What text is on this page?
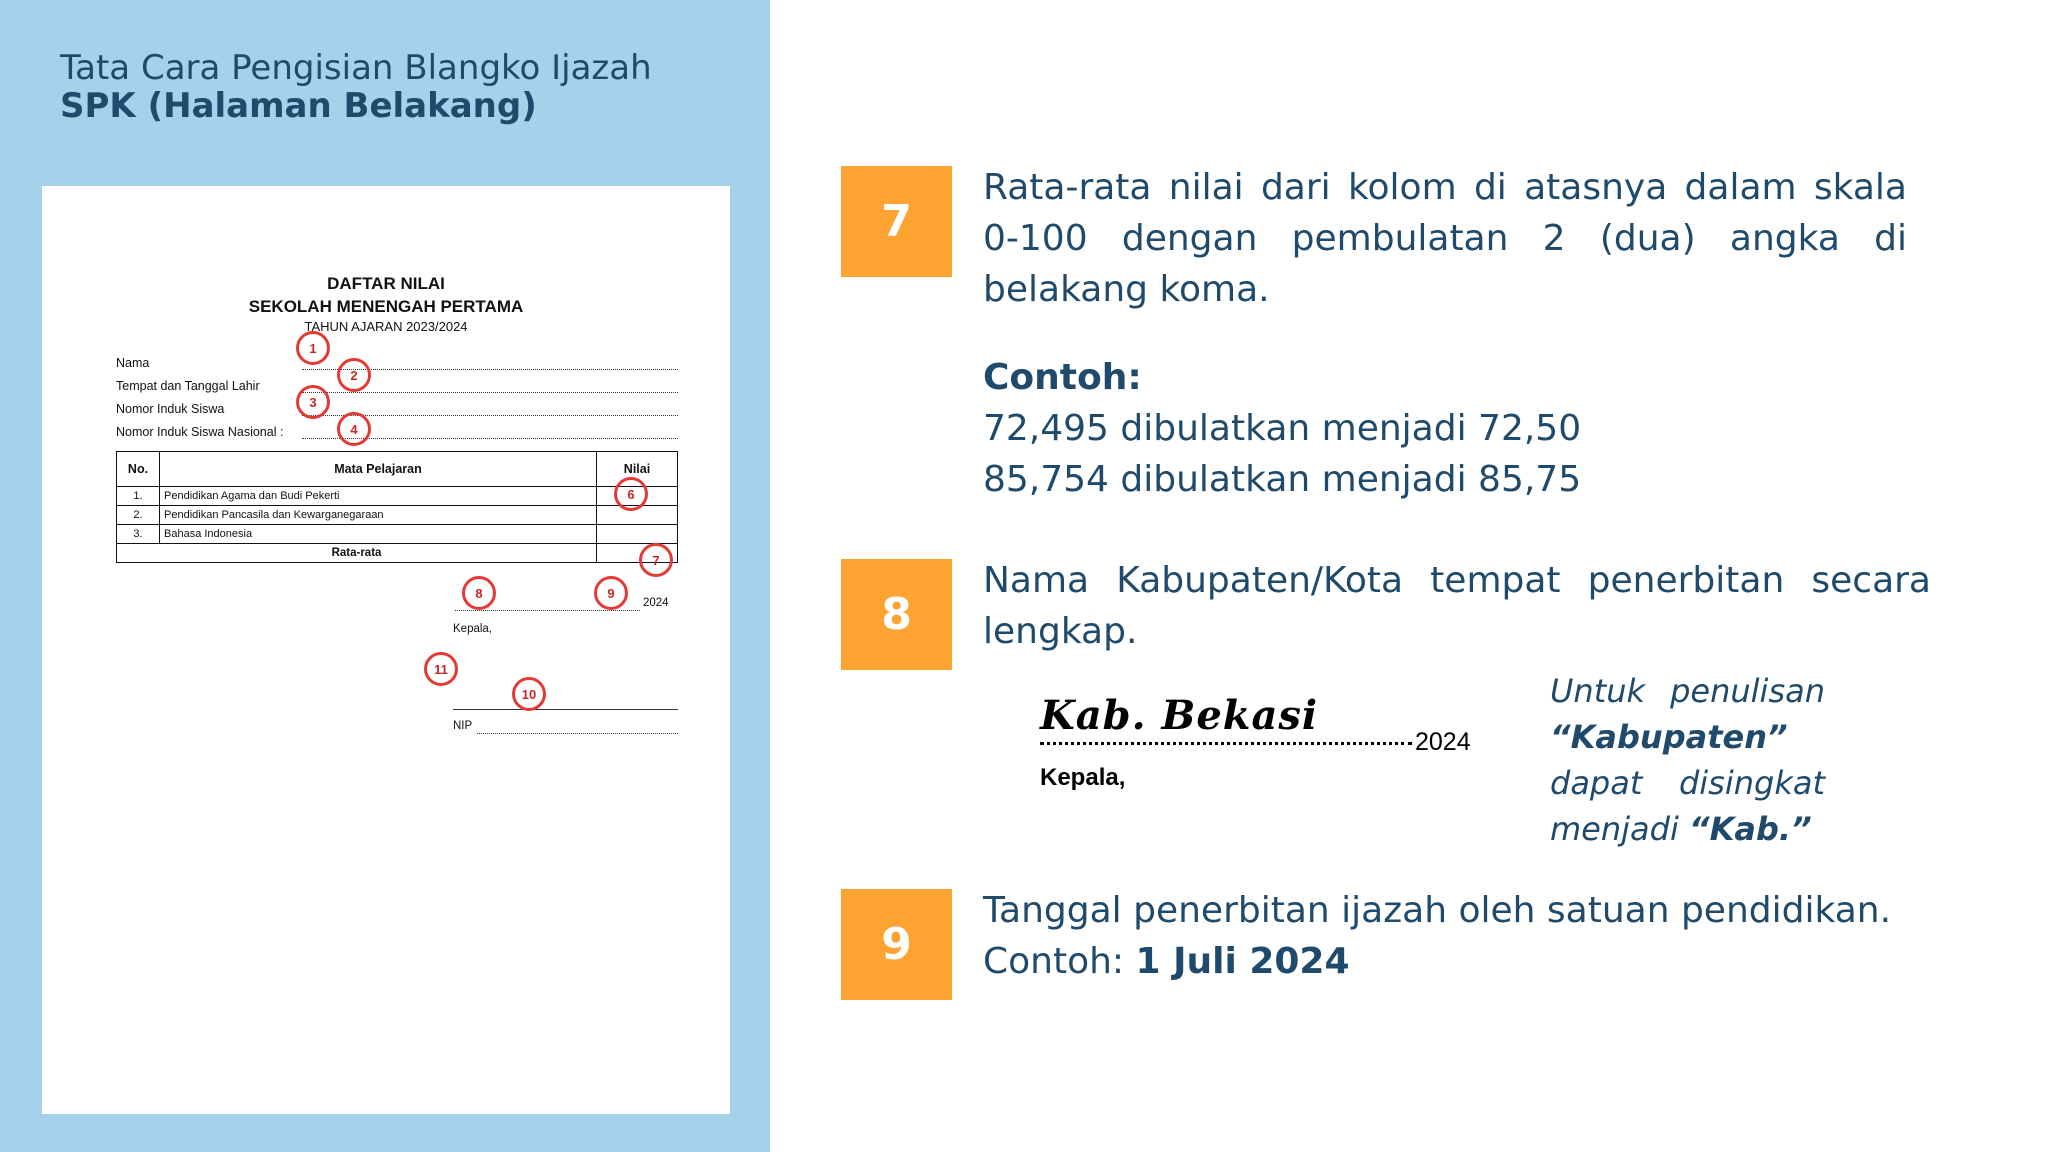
Tata Cara Pengisian Blangko Ijazah
SPK (Halaman Belakang)
DAFTAR NILAI
SEKOLAH MENENGAH PERTAMA
TAHUN AJARAN 2023/2024
Nama
Tempat dan Tanggal Lahir
Nomor Induk Siswa
Nomor Induk Siswa Nasional :
No.	Mata Pelajaran	Nilai
1.	Pendidikan Agama dan Budi Pekerti	
2.	Pendidikan Pancasila dan Kewarganegaraan	
3.	Bahasa Indonesia	
Rata-rata		
2024
Kepala,
NIP
1
2
3
4
6
7
8	9
11
10
7
Rata-rata nilai dari kolom di atasnya dalam skala 0-100 dengan pembulatan 2 (dua) angka di belakang koma.
Contoh:
72,495 dibulatkan menjadi 72,50
85,754 dibulatkan menjadi 85,75
8
Nama Kabupaten/Kota tempat penerbitan secara lengkap.
Kab. Bekasi
2024
Kepala,
Untuk penulisan
“Kabupaten”
dapat disingkat
menjadi “Kab.”
9
Tanggal penerbitan ijazah oleh satuan pendidikan.
Contoh: 1 Juli 2024
